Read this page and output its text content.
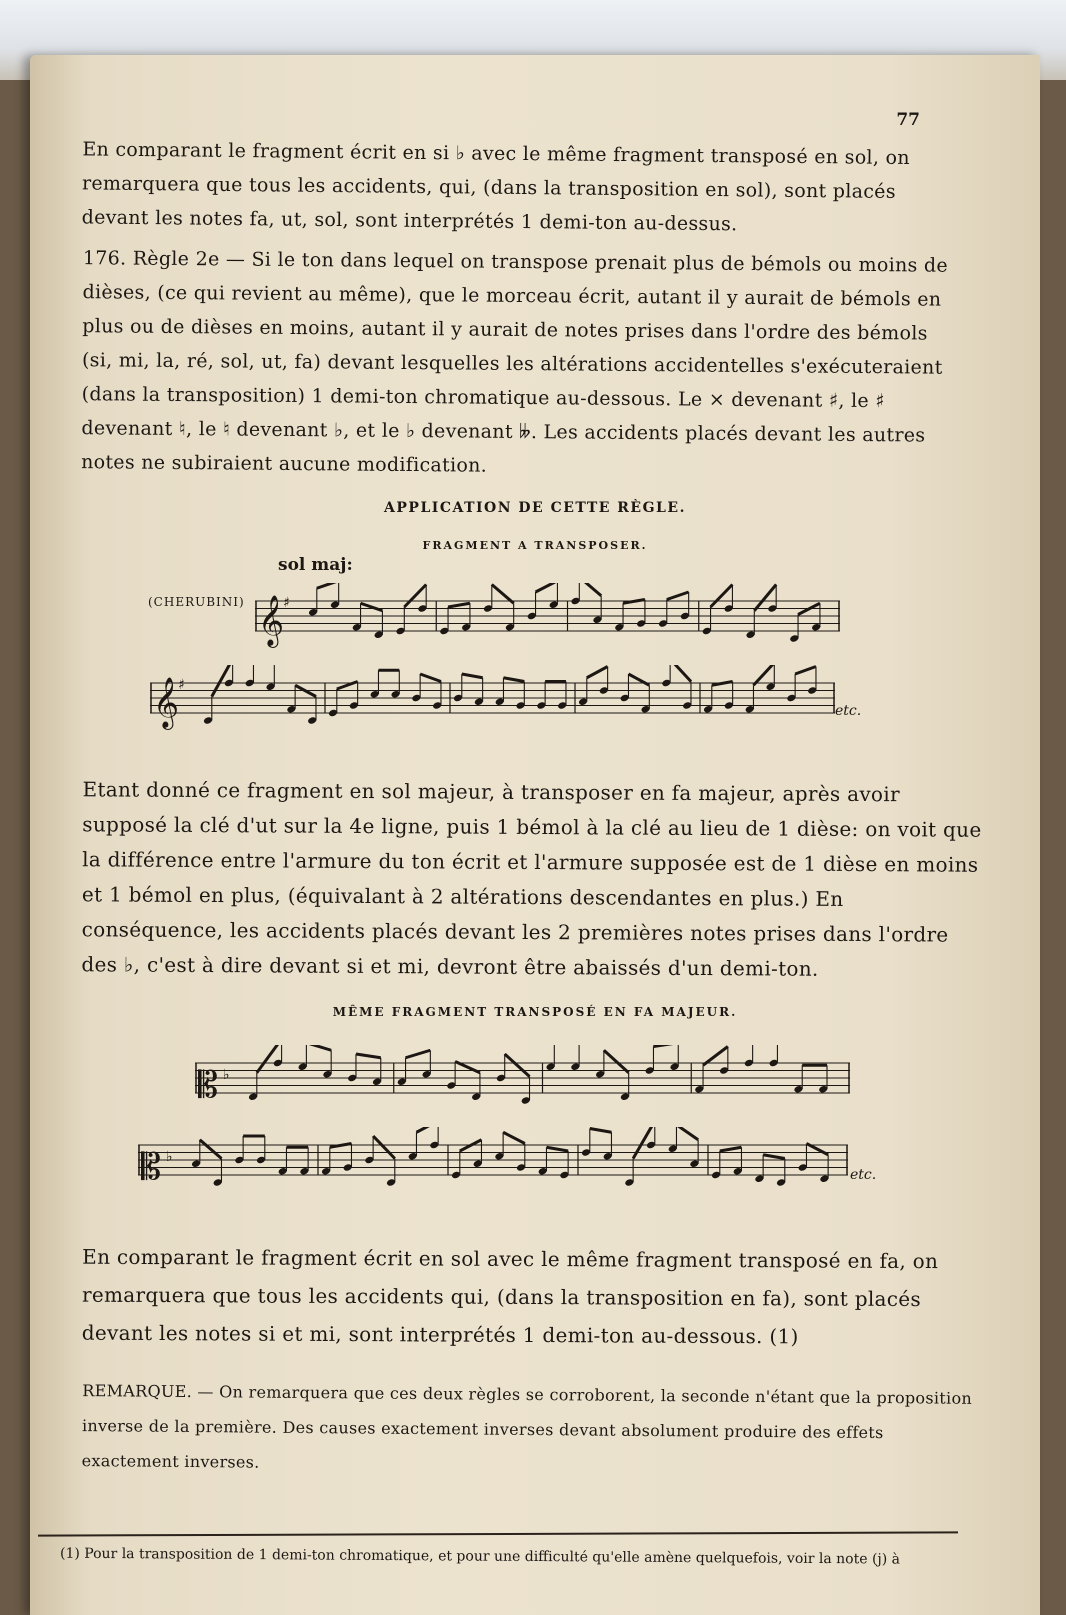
77
En comparant le fragment écrit en si ♭ avec le même fragment transposé en sol, on remarquera que tous les accidents, qui, (dans la transposition en sol), sont placés devant les notes fa, ut, sol, sont interprétés 1 demi-ton au-dessus.
176. Règle 2e — Si le ton dans lequel on transpose prenait plus de bémols ou moins de dièses, (ce qui revient au même), que le morceau écrit, autant il y aurait de bémols en plus ou de dièses en moins, autant il y aurait de notes prises dans l'ordre des bémols (si, mi, la, ré, sol, ut, fa) devant lesquelles les altérations accidentelles s'exécuteraient (dans la transposition) 1 demi-ton chromatique au-dessous. Le × devenant ♯, le ♯ devenant ♮, le ♮ devenant ♭, et le ♭ devenant 𝄫. Les accidents placés devant les autres notes ne subiraient aucune modification.
APPLICATION DE CETTE RÈGLE.
FRAGMENT A TRANSPOSER.
sol maj:
(CHERUBINI) 𝄞
♯
𝄞
♯
etc.
Etant donné ce fragment en sol majeur, à transposer en fa majeur, après avoir supposé la clé d'ut sur la 4e ligne, puis 1 bémol à la clé au lieu de 1 dièse: on voit que la différence entre l'armure du ton écrit et l'armure supposée est de 1 dièse en moins et 1 bémol en plus, (équivalant à 2 altérations descendantes en plus.) En conséquence, les accidents placés devant les 2 premières notes prises dans l'ordre des ♭, c'est à dire devant si et mi, devront être abaissés d'un demi-ton.
MÊME FRAGMENT TRANSPOSÉ EN FA MAJEUR.
𝄡 ♭
𝄡 ♭
etc.
En comparant le fragment écrit en sol avec le même fragment transposé en fa, on remarquera que tous les accidents qui, (dans la transposition en fa), sont placés devant les notes si et mi, sont interprétés 1 demi-ton au-dessous. (1)
REMARQUE. — On remarquera que ces deux règles se corroborent, la seconde n'étant que la proposition inverse de la première. Des causes exactement inverses devant absolument produire des effets exactement inverses.
(1) Pour la transposition de 1 demi-ton chromatique, et pour une difficulté qu'elle amène quelquefois, voir la note (j) à
